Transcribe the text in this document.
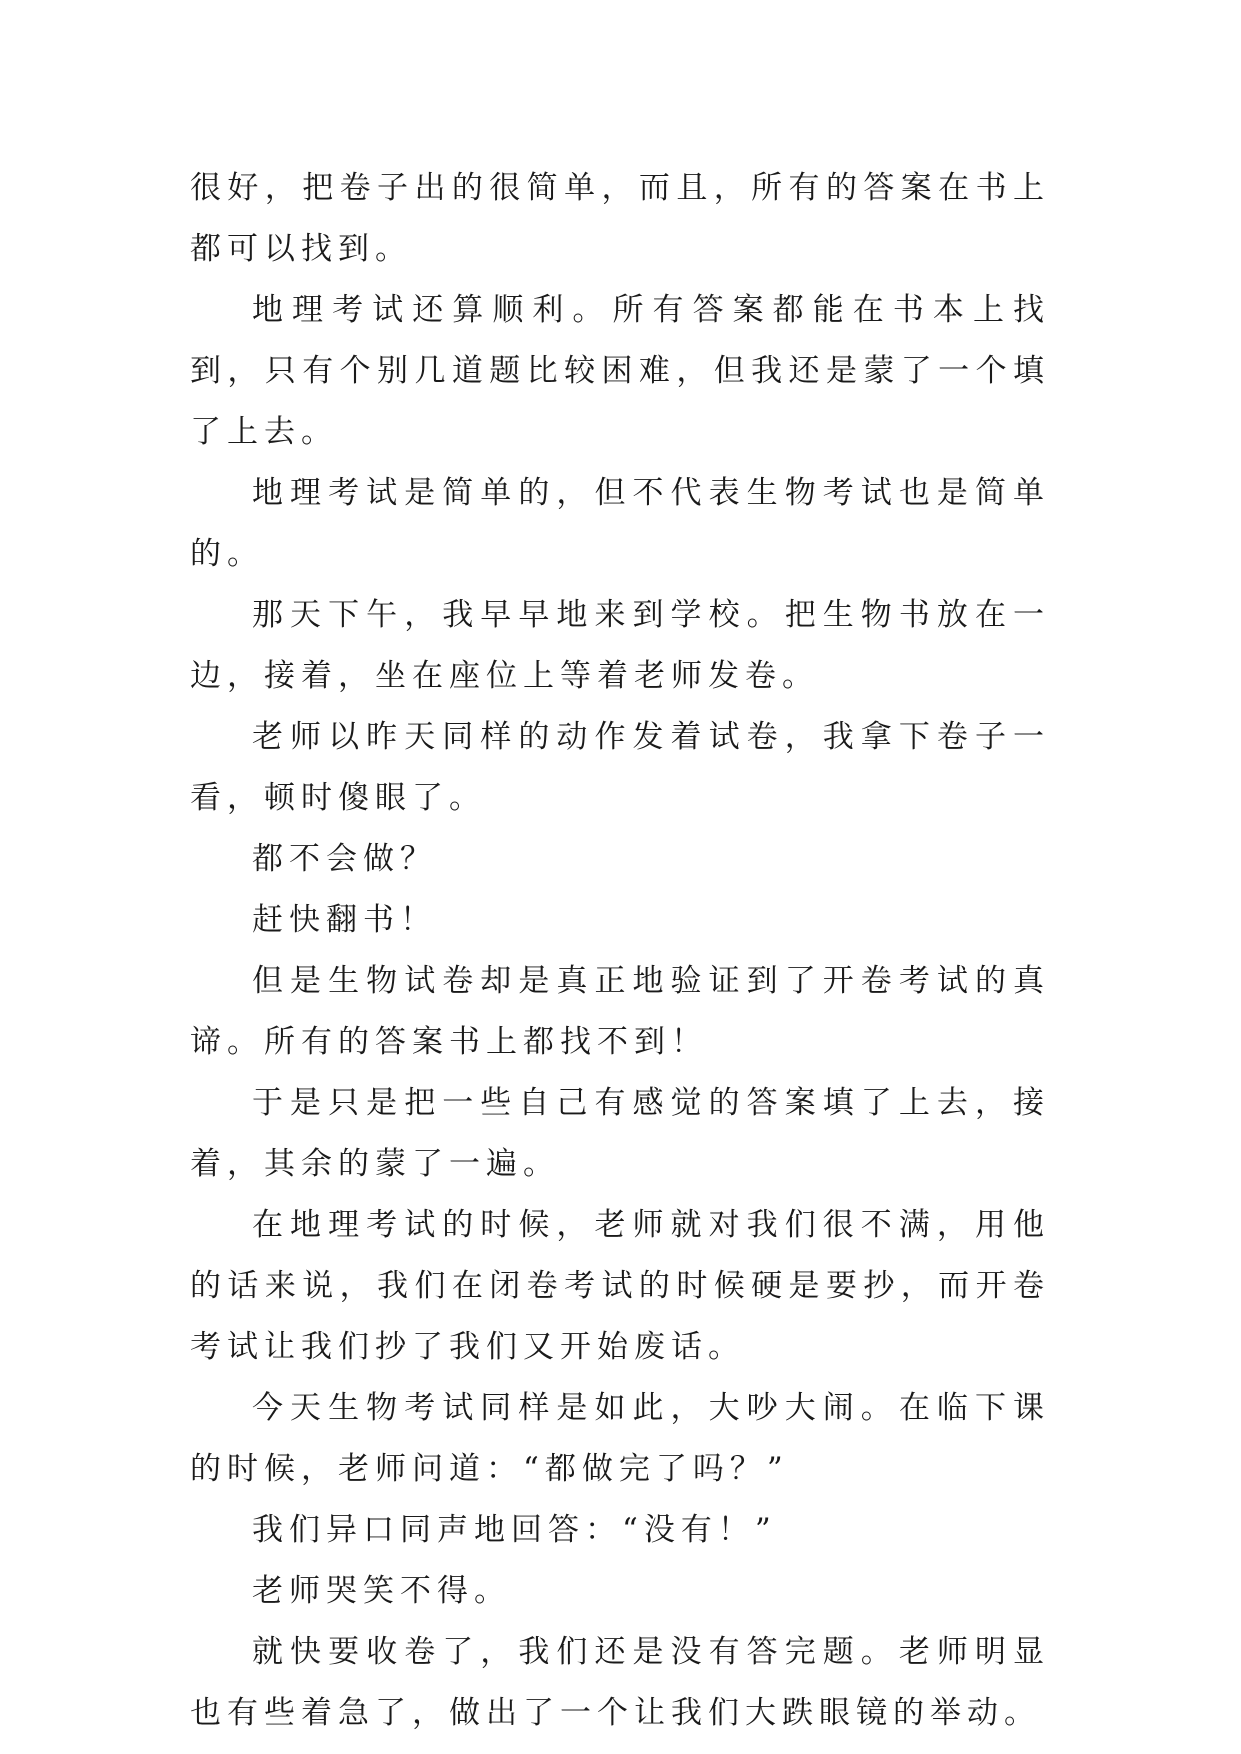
很好，把卷子出的很简单，而且，所有的答案在书上都可以找到。

地理考试还算顺利。所有答案都能在书本上找到，只有个别几道题比较困难，但我还是蒙了一个填了上去。

地理考试是简单的，但不代表生物考试也是简单的。

那天下午，我早早地来到学校。把生物书放在一边，接着，坐在座位上等着老师发卷。

老师以昨天同样的动作发着试卷，我拿下卷子一看，顿时傻眼了。

都不会做？

赶快翻书！

但是生物试卷却是真正地验证到了开卷考试的真谛。所有的答案书上都找不到！

于是只是把一些自己有感觉的答案填了上去，接着，其余的蒙了一遍。

在地理考试的时候，老师就对我们很不满，用他的话来说，我们在闭卷考试的时候硬是要抄，而开卷考试让我们抄了我们又开始废话。

今天生物考试同样是如此，大吵大闹。在临下课的时候，老师问道：“都做完了吗？”

我们异口同声地回答：“没有！”

老师哭笑不得。

就快要收卷了，我们还是没有答完题。老师明显也有些着急了，做出了一个让我们大跌眼镜的举动。
